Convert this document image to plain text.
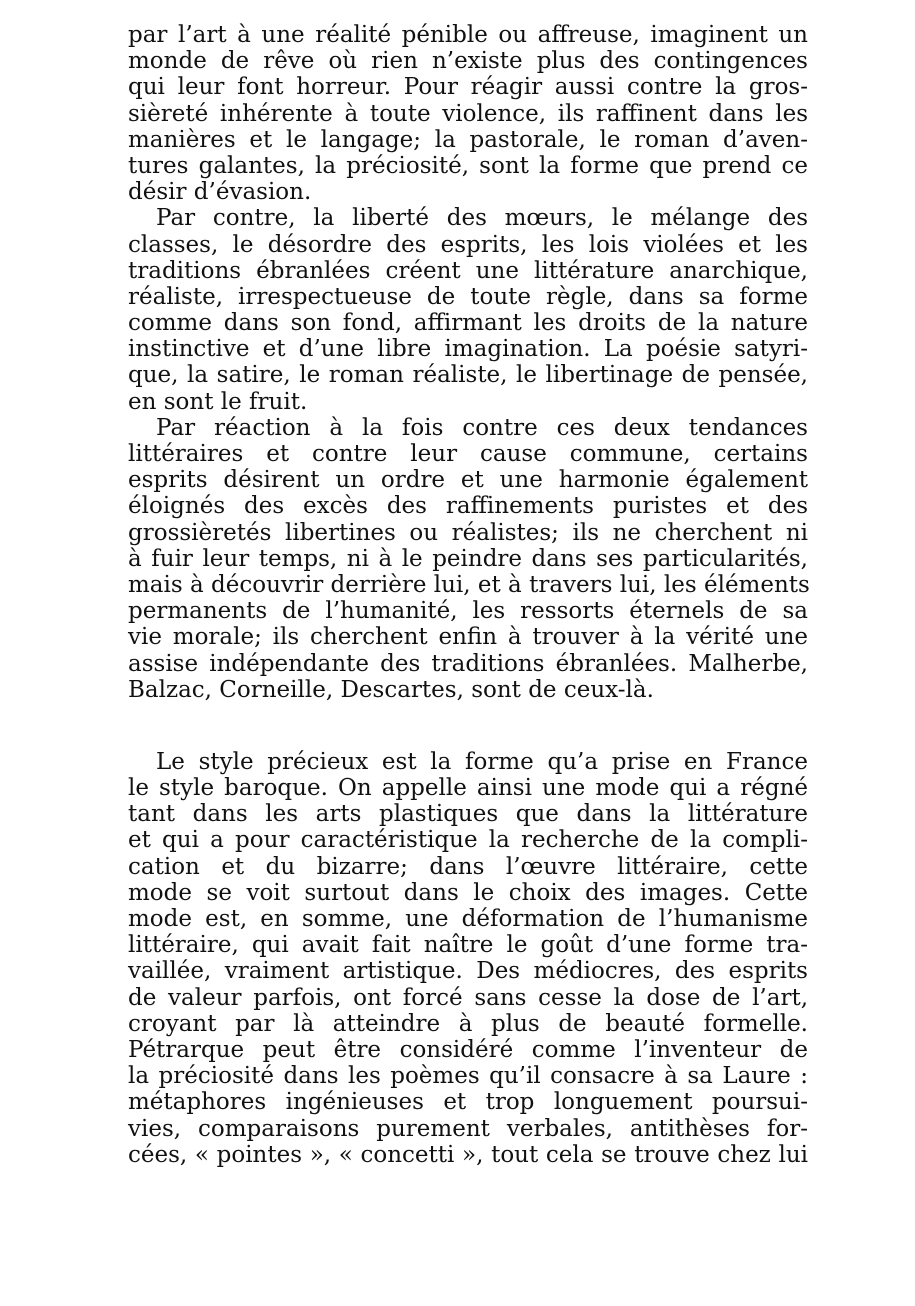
par l’art à une réalité pénible ou affreuse, imaginent un
monde de rêve où rien n’existe plus des contingences
qui leur font horreur. Pour réagir aussi contre la gros-
sièreté inhérente à toute violence, ils raffinent dans les
manières et le langage; la pastorale, le roman d’aven-
tures galantes, la préciosité, sont la forme que prend ce
désir d’évasion.
Par contre, la liberté des mœurs, le mélange des
classes, le désordre des esprits, les lois violées et les
traditions ébranlées créent une littérature anarchique,
réaliste, irrespectueuse de toute règle, dans sa forme
comme dans son fond, affirmant les droits de la nature
instinctive et d’une libre imagination. La poésie satyri-
que, la satire, le roman réaliste, le libertinage de pensée,
en sont le fruit.
Par réaction à la fois contre ces deux tendances
littéraires et contre leur cause commune, certains
esprits désirent un ordre et une harmonie également
éloignés des excès des raffinements puristes et des
grossièretés libertines ou réalistes; ils ne cherchent ni
à fuir leur temps, ni à le peindre dans ses particularités,
mais à découvrir derrière lui, et à travers lui, les éléments
permanents de l’humanité, les ressorts éternels de sa
vie morale; ils cherchent enfin à trouver à la vérité une
assise indépendante des traditions ébranlées. Malherbe,
Balzac, Corneille, Descartes, sont de ceux-là.
Le style précieux est la forme qu’a prise en France
le style baroque. On appelle ainsi une mode qui a régné
tant dans les arts plastiques que dans la littérature
et qui a pour caractéristique la recherche de la compli-
cation et du bizarre; dans l’œuvre littéraire, cette
mode se voit surtout dans le choix des images. Cette
mode est, en somme, une déformation de l’humanisme
littéraire, qui avait fait naître le goût d’une forme tra-
vaillée, vraiment artistique. Des médiocres, des esprits
de valeur parfois, ont forcé sans cesse la dose de l’art,
croyant par là atteindre à plus de beauté formelle.
Pétrarque peut être considéré comme l’inventeur de
la préciosité dans les poèmes qu’il consacre à sa Laure :
métaphores ingénieuses et trop longuement poursui-
vies, comparaisons purement verbales, antithèses for-
cées, « pointes », « concetti », tout cela se trouve chez lui
